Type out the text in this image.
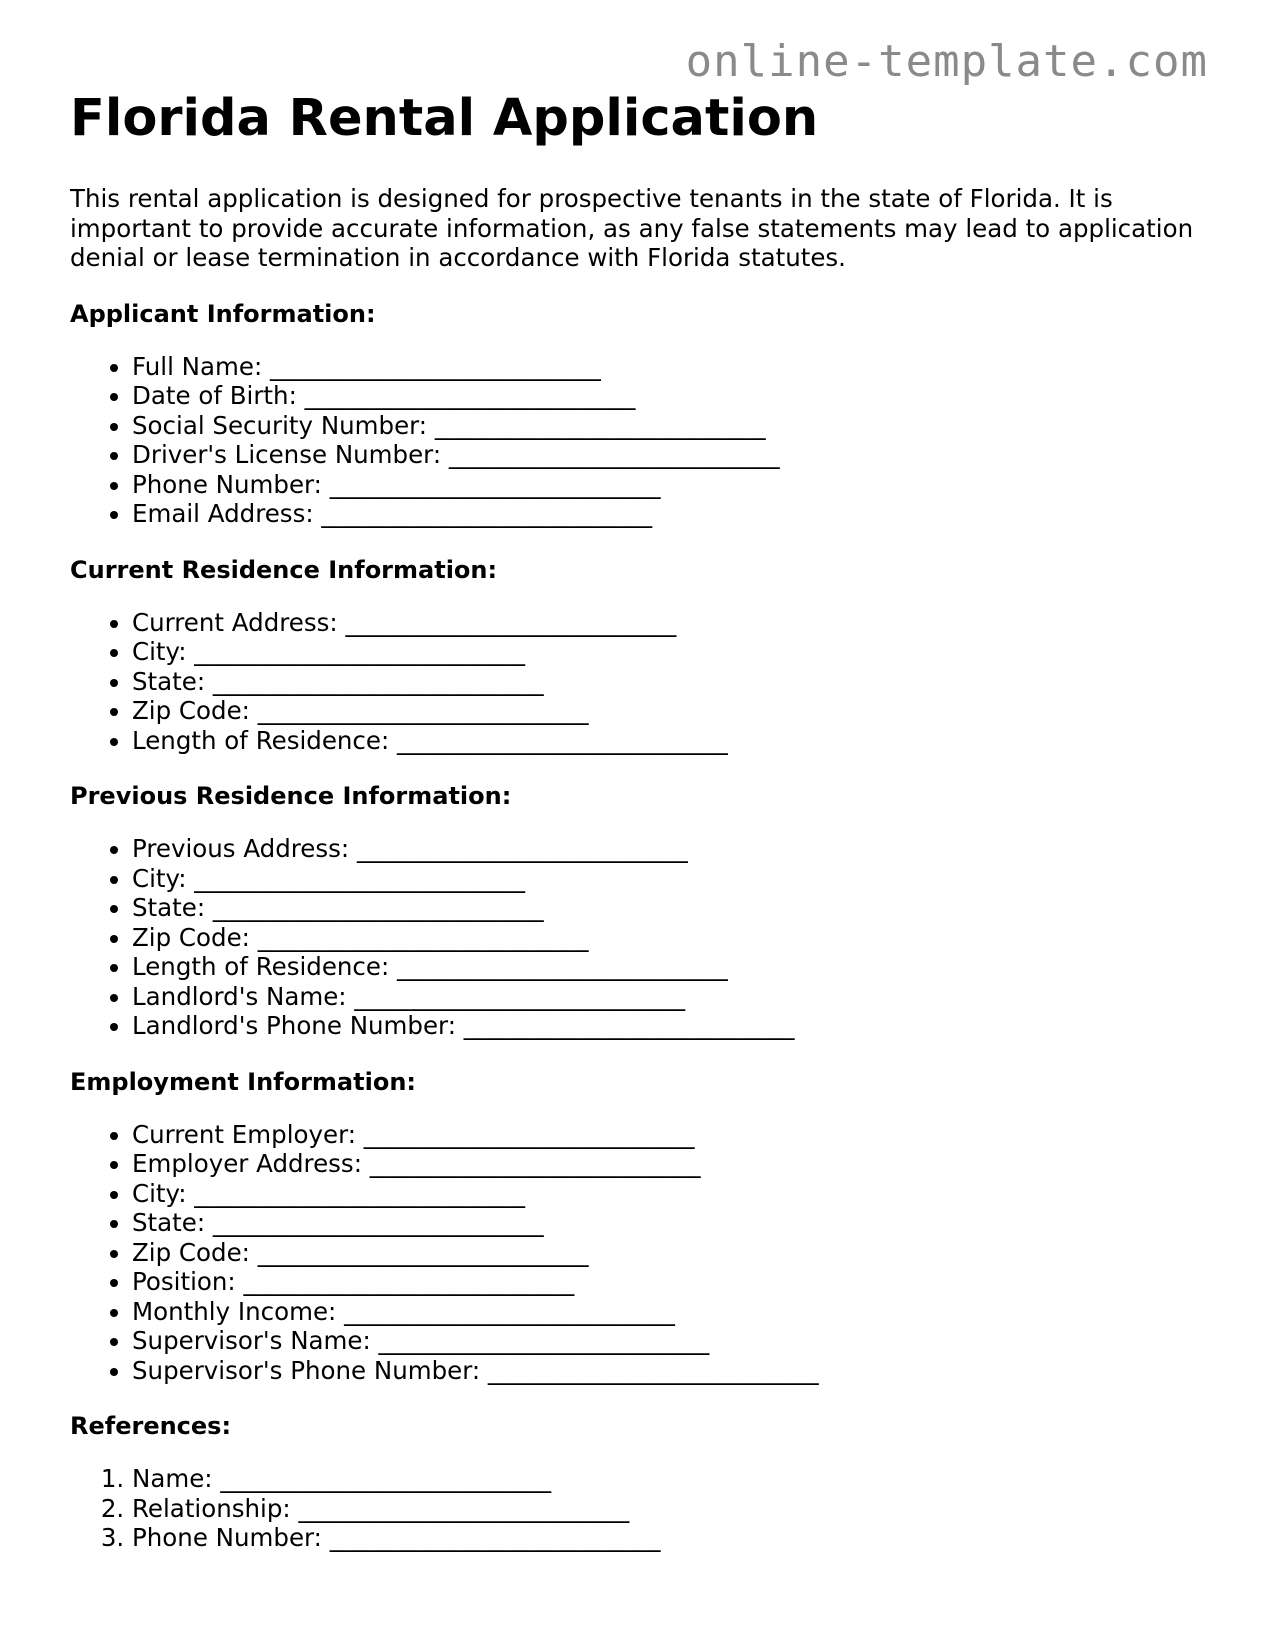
online-template.com
Florida Rental Application

This rental application is designed for prospective tenants in the state of Florida. It is important to provide accurate information, as any false statements may lead to application denial or lease termination in accordance with Florida statutes.

Applicant Information:
• Full Name: ___________________________
• Date of Birth: ___________________________
• Social Security Number: ___________________________
• Driver's License Number: ___________________________
• Phone Number: ___________________________
• Email Address: ___________________________
Current Residence Information:
• Current Address: ___________________________
• City: ___________________________
• State: ___________________________
• Zip Code: ___________________________
• Length of Residence: ___________________________
Previous Residence Information:
• Previous Address: ___________________________
• City: ___________________________
• State: ___________________________
• Zip Code: ___________________________
• Length of Residence: ___________________________
• Landlord's Name: ___________________________
• Landlord's Phone Number: ___________________________
Employment Information:
• Current Employer: ___________________________
• Employer Address: ___________________________
• City: ___________________________
• State: ___________________________
• Zip Code: ___________________________
• Position: ___________________________
• Monthly Income: ___________________________
• Supervisor's Name: ___________________________
• Supervisor's Phone Number: ___________________________
References:
1. Name: ___________________________
2. Relationship: ___________________________
3. Phone Number: ___________________________
